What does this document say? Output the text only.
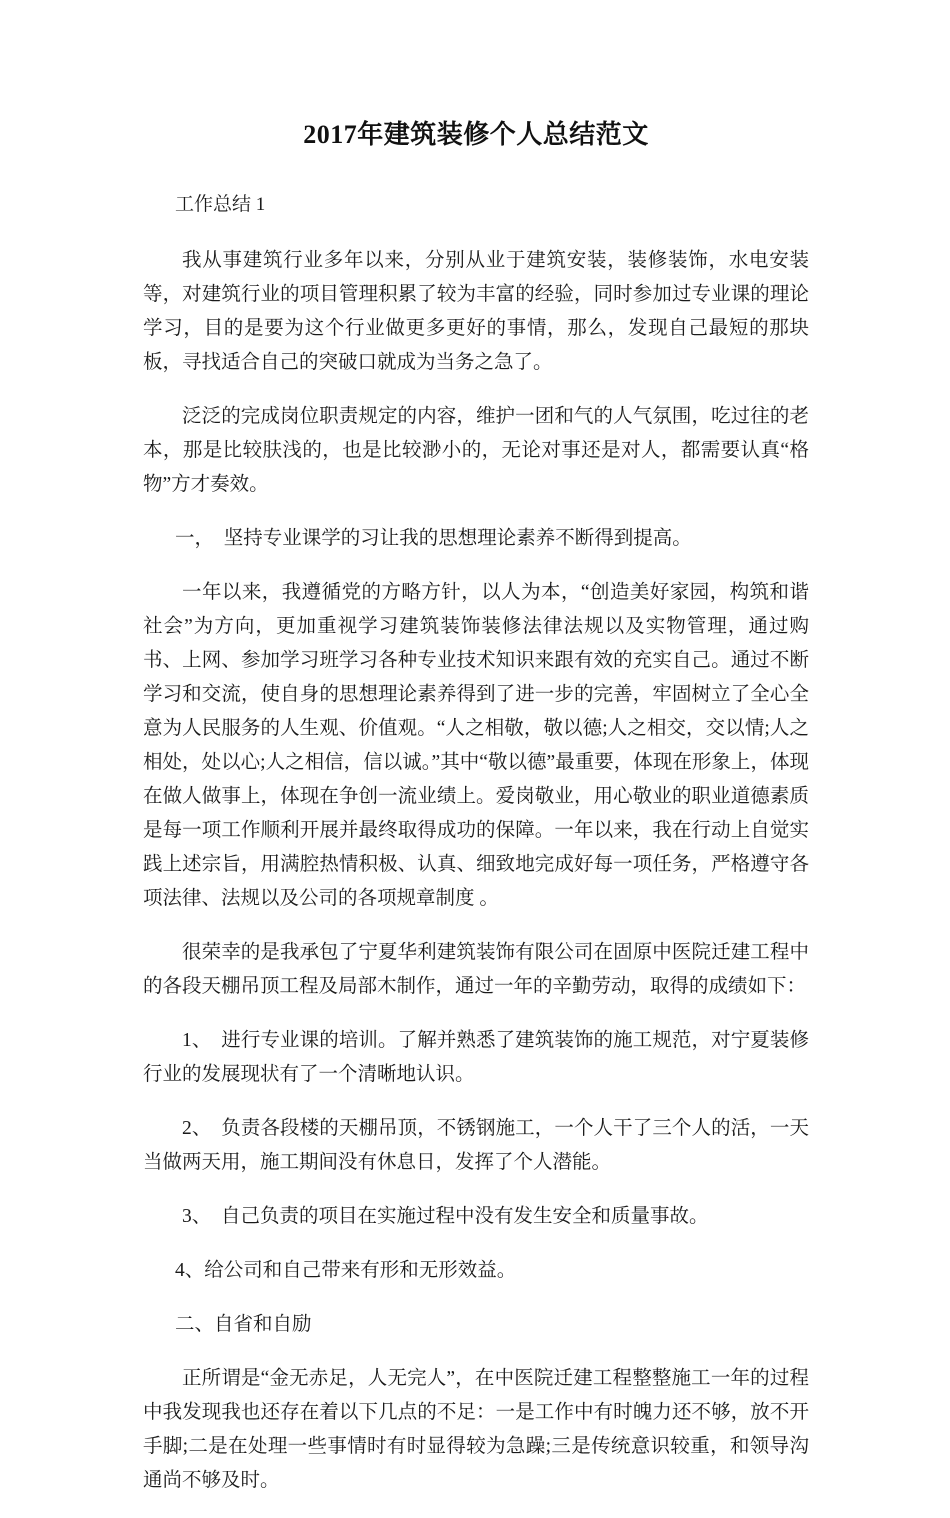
2017年建筑装修个人总结范文

工作总结 1

我从事建筑行业多年以来，分别从业于建筑安装，装修装饰，水电安装等，对建筑行业的项目管理积累了较为丰富的经验，同时参加过专业课的理论学习，目的是要为这个行业做更多更好的事情，那么，发现自己最短的那块板，寻找适合自己的突破口就成为当务之急了。

泛泛的完成岗位职责规定的内容，维护一团和气的人气氛围，吃过往的老本，那是比较肤浅的，也是比较渺小的，无论对事还是对人，都需要认真“格物”方才奏效。

一，　坚持专业课学的习让我的思想理论素养不断得到提高。

一年以来，我遵循党的方略方针，以人为本，“创造美好家园，构筑和谐社会”为方向，更加重视学习建筑装饰装修法律法规以及实物管理，通过购书、上网、参加学习班学习各种专业技术知识来跟有效的充实自己。通过不断学习和交流，使自身的思想理论素养得到了进一步的完善，牢固树立了全心全意为人民服务的人生观、价值观。“人之相敬，敬以德;人之相交，交以情;人之相处，处以心;人之相信，信以诚。”其中“敬以德”最重要，体现在形象上，体现在做人做事上，体现在争创一流业绩上。爱岗敬业，用心敬业的职业道德素质是每一项工作顺利开展并最终取得成功的保障。一年以来，我在行动上自觉实践上述宗旨，用满腔热情积极、认真、细致地完成好每一项任务，严格遵守各项法律、法规以及公司的各项规章制度 。

很荣幸的是我承包了宁夏华利建筑装饰有限公司在固原中医院迁建工程中的各段天棚吊顶工程及局部木制作，通过一年的辛勤劳动，取得的成绩如下：

1、　进行专业课的培训。了解并熟悉了建筑装饰的施工规范，对宁夏装修行业的发展现状有了一个清晰地认识。

2、　负责各段楼的天棚吊顶，不锈钢施工，一个人干了三个人的活，一天当做两天用，施工期间没有休息日，发挥了个人潜能。

3、　自己负责的项目在实施过程中没有发生安全和质量事故。

4、给公司和自己带来有形和无形效益。

二、自省和自励

正所谓是“金无赤足，人无完人”，在中医院迁建工程整整施工一年的过程中我发现我也还存在着以下几点的不足：一是工作中有时魄力还不够，放不开手脚;二是在处理一些事情时有时显得较为急躁;三是传统意识较重，和领导沟通尚不够及时。
